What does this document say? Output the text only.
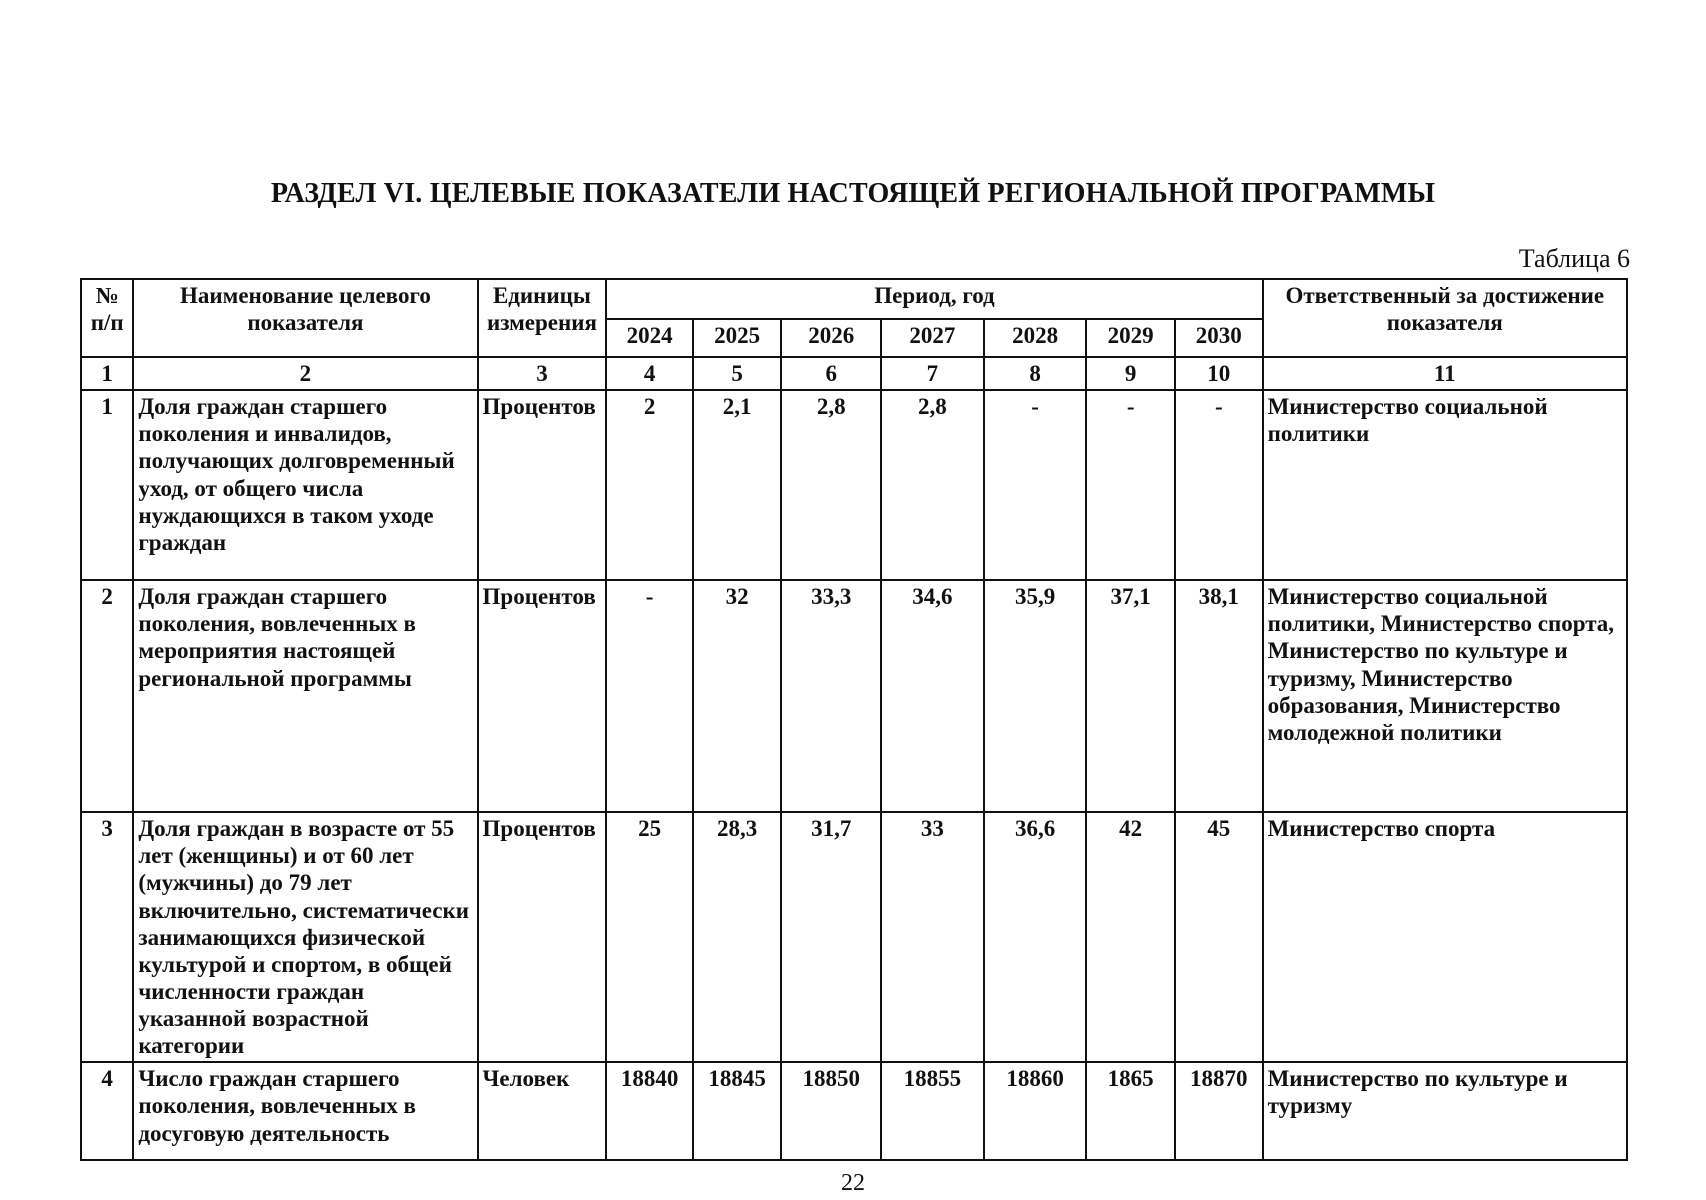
РАЗДЕЛ VI. ЦЕЛЕВЫЕ ПОКАЗАТЕЛИ НАСТОЯЩЕЙ РЕГИОНАЛЬНОЙ ПРОГРАММЫ
Таблица 6
№ п/п	Наименование целевого показателя	Единицы измерения	Период, год							Ответственный за достижение показателя
			2024	2025	2026	2027	2028	2029	2030	
1	2	3	4	5	6	7	8	9	10	11
1	Доля граждан старшего поколения и инвалидов, получающих долговременный уход, от общего числа нуждающихся в таком уходе граждан	Процентов	2	2,1	2,8	2,8	-	-	-	Министерство социальной политики
2	Доля граждан старшего поколения, вовлеченных в мероприятия настоящей региональной программы	Процентов	-	32	33,3	34,6	35,9	37,1	38,1	Министерство социальной политики, Министерство спорта, Министерство по культуре и туризму, Министерство образования, Министерство молодежной политики
3	Доля граждан в возрасте от 55 лет (женщины) и от 60 лет (мужчины) до 79 лет включительно, систематически занимающихся физической культурой и спортом, в общей численности граждан указанной возрастной категории	Процентов	25	28,3	31,7	33	36,6	42	45	Министерство спорта
4	Число граждан старшего поколения, вовлеченных в досуговую деятельность	Человек	18840	18845	18850	18855	18860	1865	18870	Министерство по культуре и туризму
22
